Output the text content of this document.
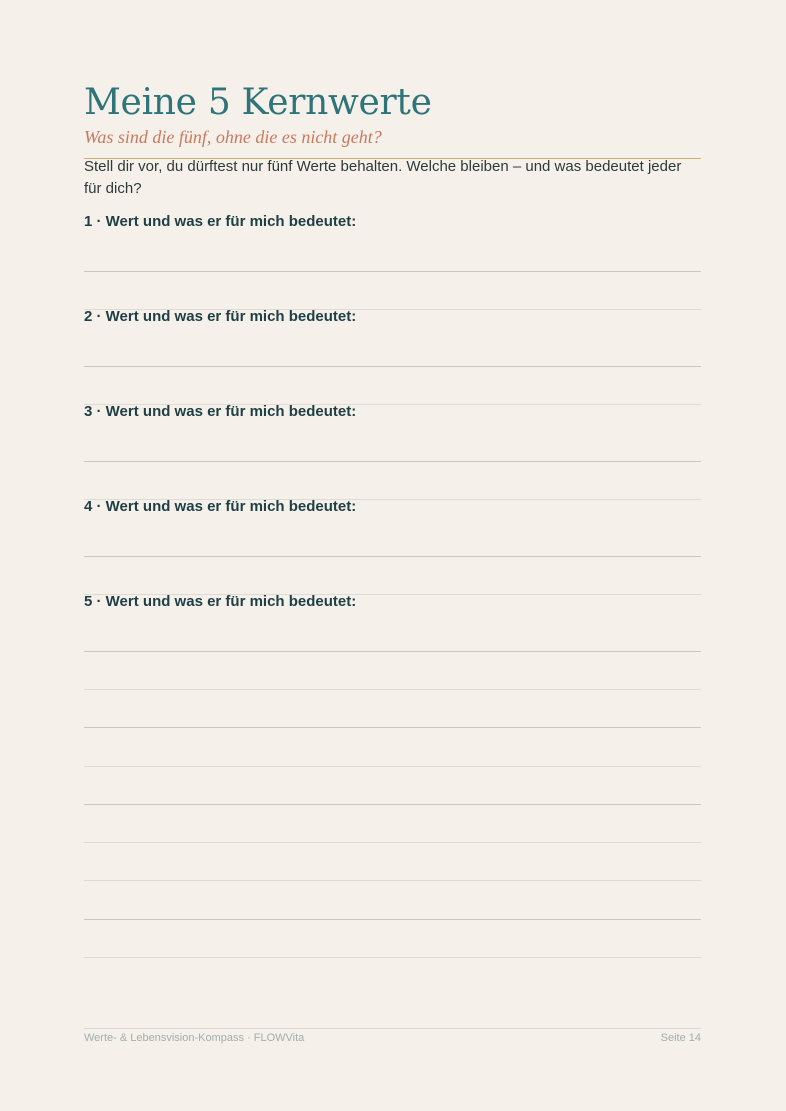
Meine 5 Kernwerte
Was sind die fünf, ohne die es nicht geht?
Stell dir vor, du dürftest nur fünf Werte behalten. Welche bleiben – und was bedeutet jeder für dich?
1 · Wert und was er für mich bedeutet:
2 · Wert und was er für mich bedeutet:
3 · Wert und was er für mich bedeutet:
4 · Wert und was er für mich bedeutet:
5 · Wert und was er für mich bedeutet:
Werte- & Lebensvision-Kompass · FLOWVita	Seite 14
